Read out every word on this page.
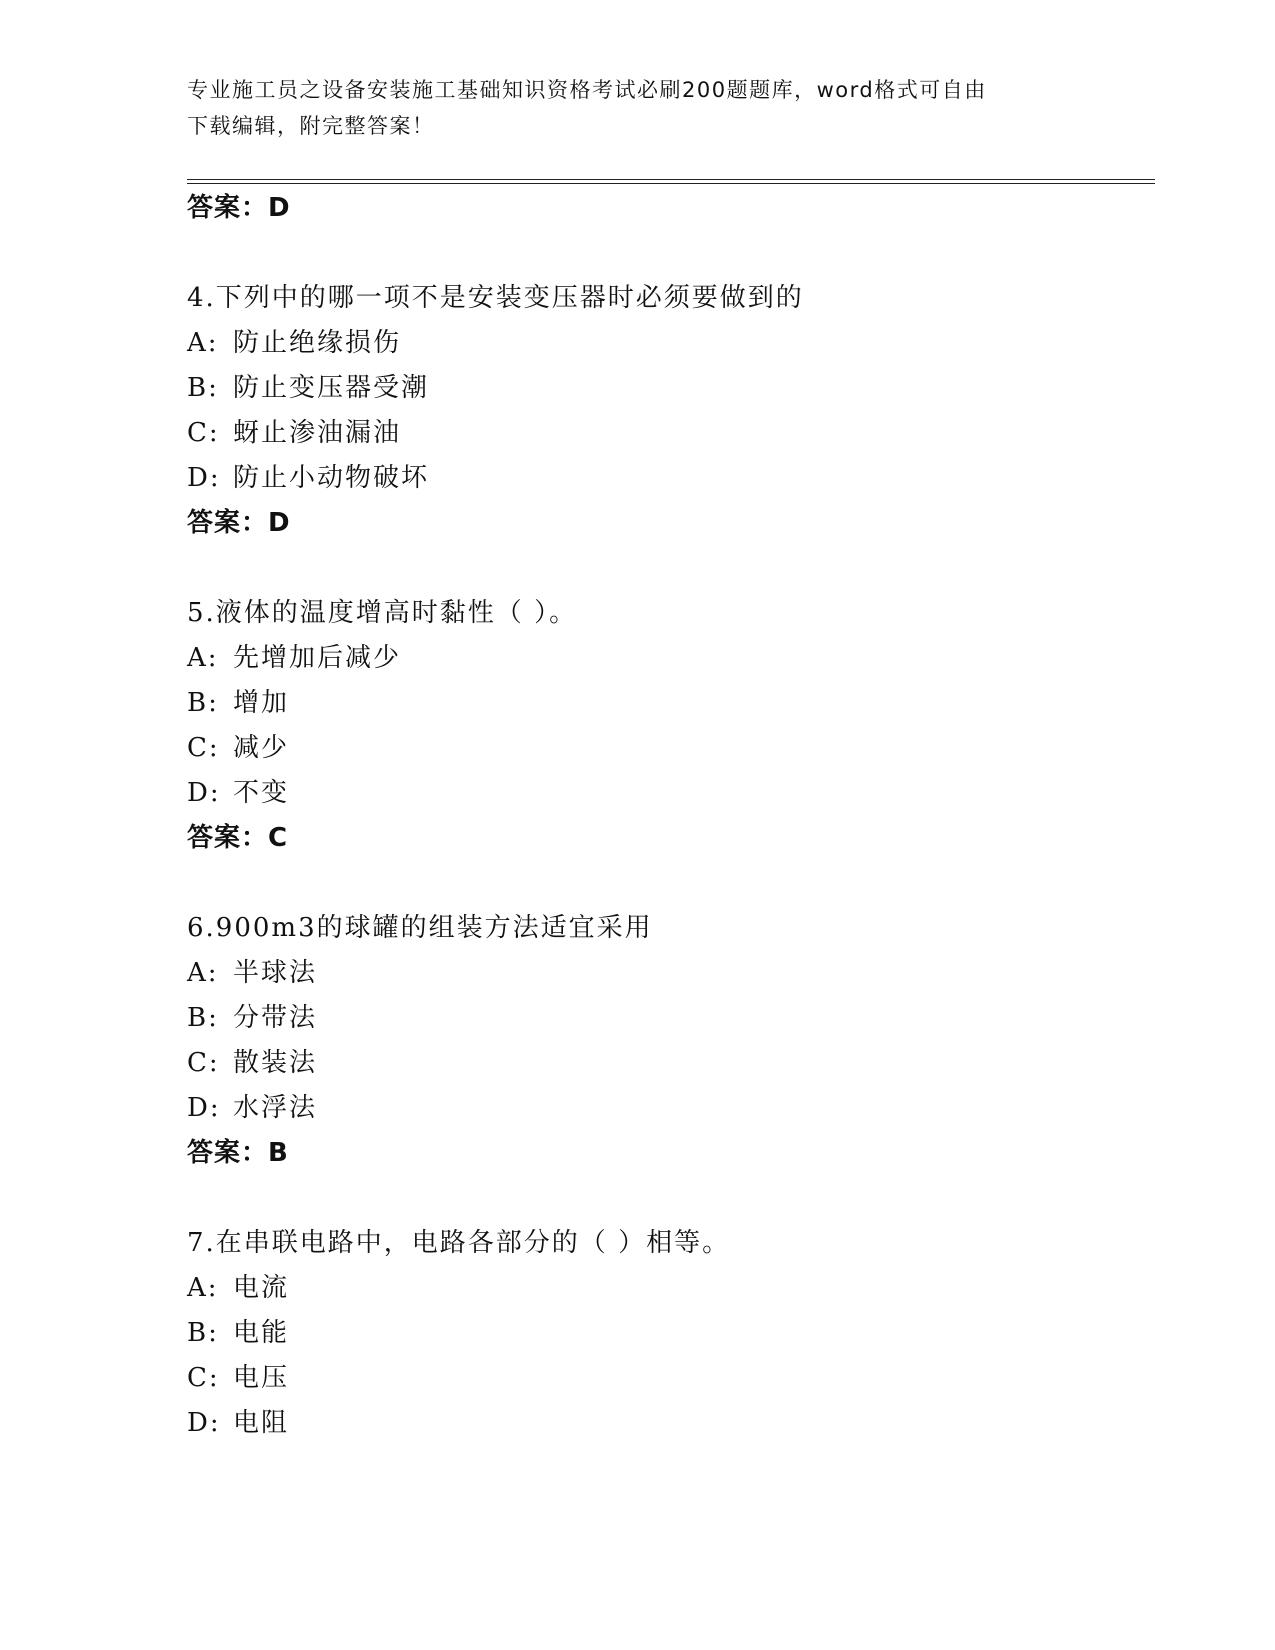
专业施工员之设备安装施工基础知识资格考试必刷200题题库，word格式可自由
下载编辑，附完整答案！
答案：D
4.下列中的哪一项不是安装变压器时必须要做到的
A: 防止绝缘损伤
B: 防止变压器受潮
C: 蚜止渗油漏油
D: 防止小动物破坏
答案：D
5.液体的温度增高时黏性（ ）。
A: 先增加后减少
B: 增加
C: 减少
D: 不变
答案：C
6.900m3的球罐的组装方法适宜采用
A: 半球法
B: 分带法
C: 散装法
D: 水浮法
答案：B
7.在串联电路中，电路各部分的（ ）相等。
A: 电流
B: 电能
C: 电压
D: 电阻
